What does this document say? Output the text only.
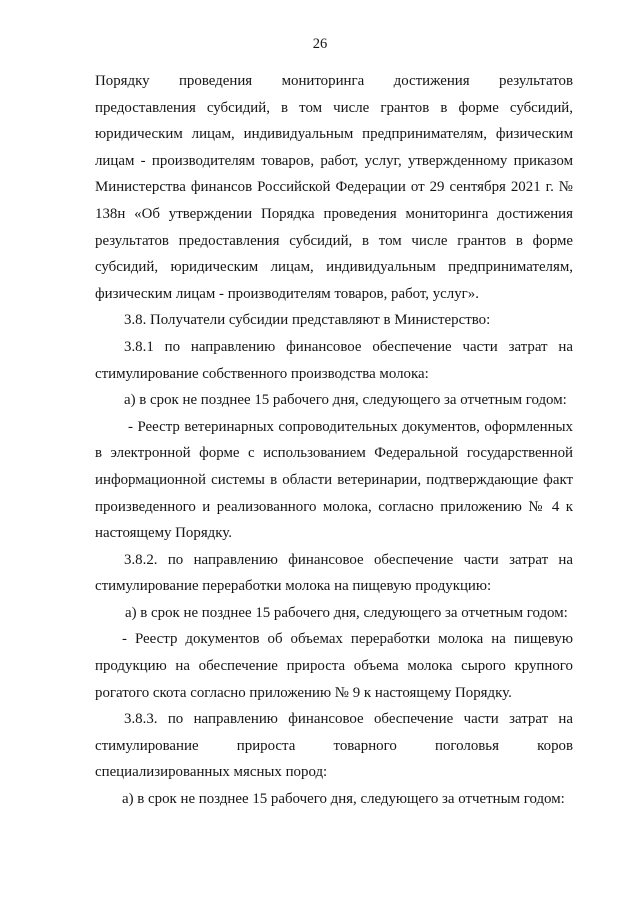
26

Порядку проведения мониторинга достижения результатов предоставления субсидий, в том числе грантов в форме субсидий, юридическим лицам, индивидуальным предпринимателям, физическим лицам - производителям товаров, работ, услуг, утвержденному приказом Министерства финансов Российской Федерации от 29 сентября 2021 г. № 138н «Об утверждении Порядка проведения мониторинга достижения результатов предоставления субсидий, в том числе грантов в форме субсидий, юридическим лицам, индивидуальным предпринимателям, физическим лицам - производителям товаров, работ, услуг».

3.8. Получатели субсидии представляют в Министерство:

3.8.1 по направлению финансовое обеспечение части затрат на стимулирование собственного производства молока:

а) в срок не позднее 15 рабочего дня, следующего за отчетным годом:

- Реестр ветеринарных сопроводительных документов, оформленных в электронной форме с использованием Федеральной государственной информационной системы в области ветеринарии, подтверждающие факт произведенного и реализованного молока, согласно приложению № 4 к настоящему Порядку.

3.8.2. по направлению финансовое обеспечение части затрат на стимулирование переработки молока на пищевую продукцию:

а) в срок не позднее 15 рабочего дня, следующего за отчетным годом:

- Реестр документов об объемах переработки молока на пищевую продукцию на обеспечение прироста объема молока сырого крупного рогатого скота согласно приложению № 9 к настоящему Порядку.

3.8.3. по направлению финансовое обеспечение части затрат на стимулирование прироста товарного поголовья коров специализированных мясных пород:

а) в срок не позднее 15 рабочего дня, следующего за отчетным годом:
